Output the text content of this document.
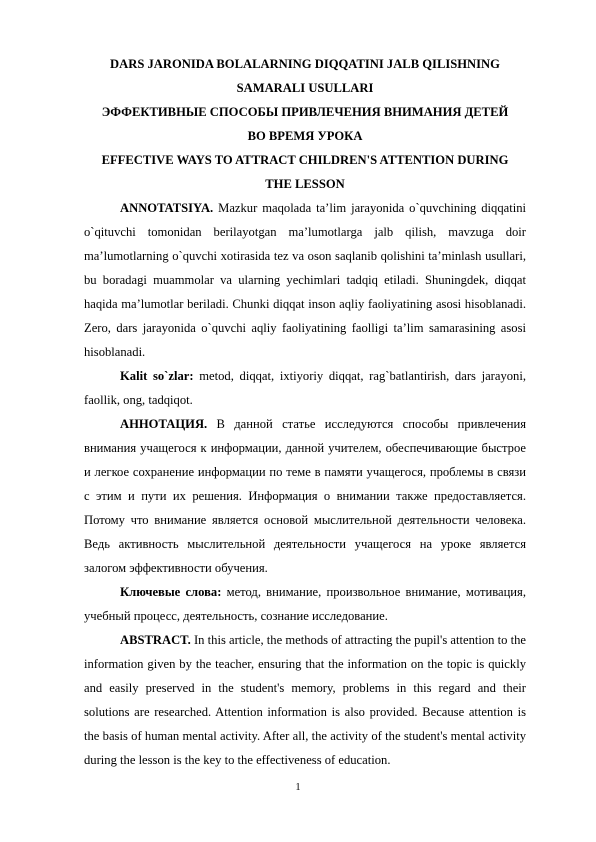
DARS JARONIDA BOLALARNING DIQQATINI JALB QILISHNING

SAMARALI USULLARI

ЭФФЕКТИВНЫЕ СПОСОБЫ ПРИВЛЕЧЕНИЯ ВНИМАНИЯ ДЕТЕЙ

ВО ВРЕМЯ УРОКА

EFFECTIVE WAYS TO ATTRACT CHILDREN'S ATTENTION DURING

THE LESSON

ANNOTATSIYA. Mazkur maqolada ta’lim jarayonida o`quvchining diqqatini o`qituvchi tomonidan berilayotgan ma’lumotlarga jalb qilish, mavzuga doir ma’lumotlarning o`quvchi xotirasida tez va oson saqlanib qolishini ta’minlash usullari, bu boradagi muammolar va ularning yechimlari tadqiq etiladi. Shuningdek, diqqat haqida ma’lumotlar beriladi. Chunki diqqat inson aqliy faoliyatining asosi hisoblanadi. Zero, dars jarayonida o`quvchi aqliy faoliyatining faolligi ta’lim samarasining asosi hisoblanadi.

Kalit so`zlar: metod, diqqat, ixtiyoriy diqqat, rag`batlantirish, dars jarayoni, faollik, ong, tadqiqot.

АННОТАЦИЯ. В данной статье исследуются способы привлечения внимания учащегося к информации, данной учителем, обеспечивающие быстрое и легкое сохранение информации по теме в памяти учащегося, проблемы в связи с этим и пути их решения. Информация о внимании также предоставляется. Потому что внимание является основой мыслительной деятельности человека. Ведь активность мыслительной деятельности учащегося на уроке является залогом эффективности обучения.

Ключевые слова: метод, внимание, произвольное внимание, мотивация, учебный процесс, деятельность, сознание исследование.

ABSTRACT. In this article, the methods of attracting the pupil's attention to the information given by the teacher, ensuring that the information on the topic is quickly and easily preserved in the student's memory, problems in this regard and their solutions are researched. Attention information is also provided. Because attention is the basis of human mental activity. After all, the activity of the student's mental activity during the lesson is the key to the effectiveness of education.

1
